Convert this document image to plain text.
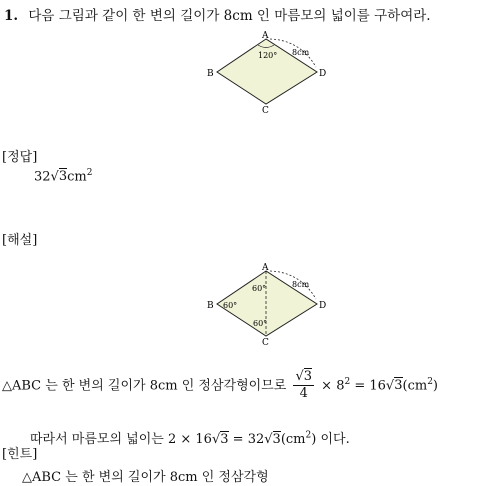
1. 다음 그림과 같이 한 변의 길이가 8cm 인 마름모의 넓이를 구하여라.
A
B
C
D
120° 8cm
[정답]
$32√3cm^2$
[해설]
A
B
C
D
60°
60°
60°
8cm
△ABC 는 한 변의 길이가 8cm 인 정삼각형이므로 $\frac{√3}{4} \times 8^2 = 16√3(cm^2)$
따라서 마름모의 넓이는 $2 \times 16√3 = 32√3(cm^2)$ 이다.
[힌트]
△ABC 는 한 변의 길이가 8cm 인 정삼각형
